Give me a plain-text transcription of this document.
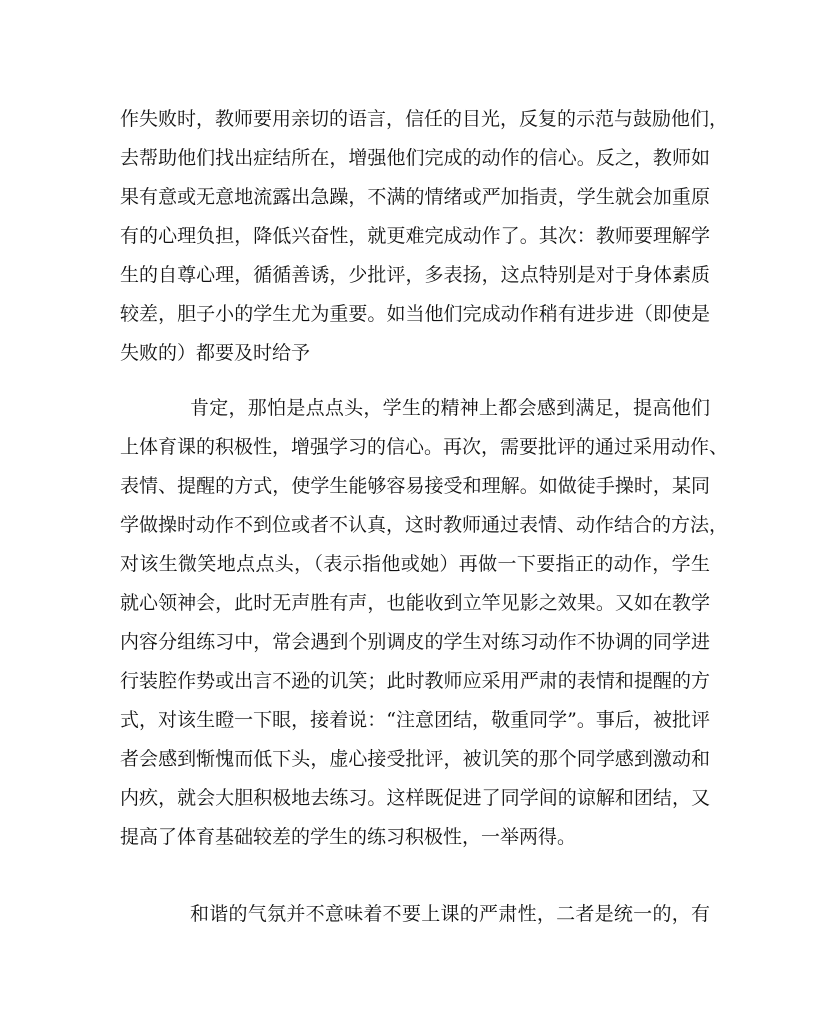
作失败时，教师要用亲切的语言，信任的目光，反复的示范与鼓励他们，
去帮助他们找出症结所在，增强他们完成的动作的信心。反之，教师如
果有意或无意地流露出急躁，不满的情绪或严加指责，学生就会加重原
有的心理负担，降低兴奋性，就更难完成动作了。其次：教师要理解学
生的自尊心理，循循善诱，少批评，多表扬，这点特别是对于身体素质
较差，胆子小的学生尤为重要。如当他们完成动作稍有进步进（即使是
失败的）都要及时给予
肯定，那怕是点点头，学生的精神上都会感到满足，提高他们
上体育课的积极性，增强学习的信心。再次，需要批评的通过采用动作、
表情、提醒的方式，使学生能够容易接受和理解。如做徒手操时，某同
学做操时动作不到位或者不认真，这时教师通过表情、动作结合的方法，
对该生微笑地点点头，（表示指他或她）再做一下要指正的动作，学生
就心领神会，此时无声胜有声，也能收到立竿见影之效果。又如在教学
内容分组练习中，常会遇到个别调皮的学生对练习动作不协调的同学进
行装腔作势或出言不逊的讥笑；此时教师应采用严肃的表情和提醒的方
式，对该生瞪一下眼，接着说：“注意团结，敬重同学”。事后，被批评
者会感到惭愧而低下头，虚心接受批评，被讥笑的那个同学感到激动和
内疚，就会大胆积极地去练习。这样既促进了同学间的谅解和团结，又
提高了体育基础较差的学生的练习积极性，一举两得。
和谐的气氛并不意味着不要上课的严肃性，二者是统一的，有
